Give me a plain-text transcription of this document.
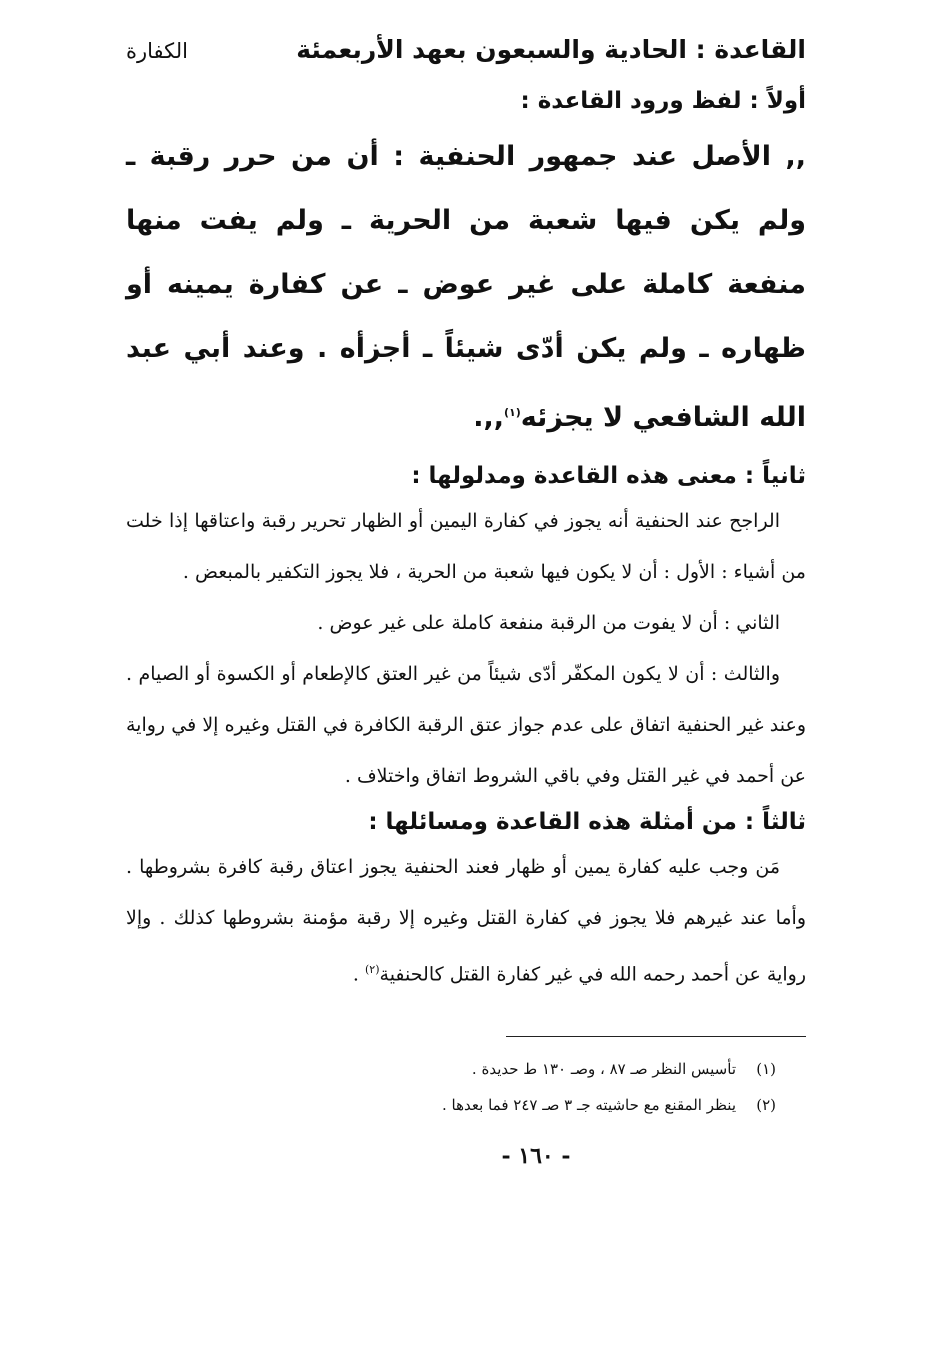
القاعدة : الحادية والسبعون بعهد الأربعمئة
الكفارة

أولاً : لفظ ورود القاعدة :

,, الأصل عند جمهور الحنفية : أن من حرر رقبة ـ ولم يكن فيها شعبة من الحرية ـ ولم يفت منها منفعة كاملة على غير عوض ـ عن كفارة يمينه أو ظهاره ـ ولم يكن أدّى شيئاً ـ أجزأه . وعند أبي عبد الله الشافعي لا يجزئه$^{(١)}$,,.

ثانياً : معنى هذه القاعدة ومدلولها :

الراجح عند الحنفية أنه يجوز في كفارة اليمين أو الظهار تحرير رقبة واعتاقها إذا خلت من أشياء : الأول : أن لا يكون فيها شعبة من الحرية ، فلا يجوز التكفير بالمبعض .

الثاني : أن لا يفوت من الرقبة منفعة كاملة على غير عوض .

والثالث : أن لا يكون المكفّر أدّى شيئاً من غير العتق كالإطعام أو الكسوة أو الصيام . وعند غير الحنفية اتفاق على عدم جواز عتق الرقبة الكافرة في القتل وغيره إلا في رواية عن أحمد في غير القتل وفي باقي الشروط اتفاق واختلاف .

ثالثاً : من أمثلة هذه القاعدة ومسائلها :

مَن وجب عليه كفارة يمين أو ظهار فعند الحنفية يجوز اعتاق رقبة كافرة بشروطها . وأما عند غيرهم فلا يجوز في كفارة القتل وغيره إلا رقبة مؤمنة بشروطها كذلك . وإلا رواية عن أحمد رحمه الله في غير كفارة القتل كالحنفية$^{(٢)}$ .

(١)تأسيس النظر صـ ٨٧ ، وصـ ١٣٠ ط حديدة .

(٢)ينظر المقنع مع حاشيته جـ ٣ صـ ٢٤٧ فما بعدها .

- ١٦٠ -
